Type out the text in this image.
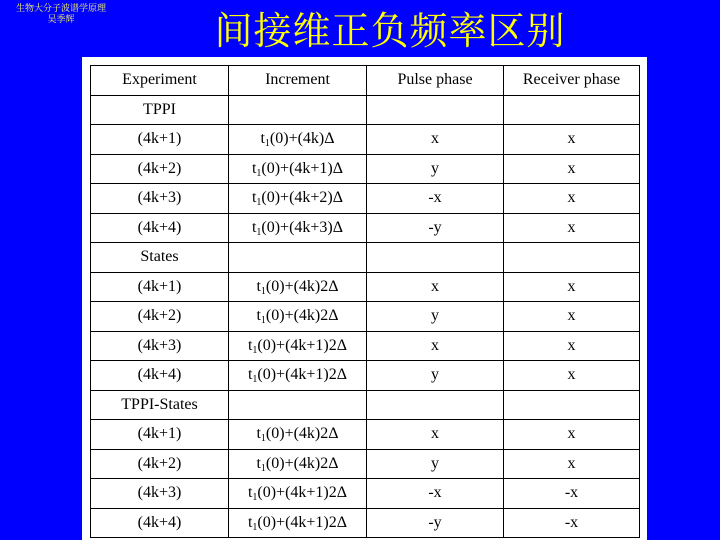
生物大分子波谱学原理
吴季辉	间接维正负频率区别
Experiment	Increment	Pulse phase	Receiver phase
TPPI			
(4k+1)	$t_1(0)+(4k)\Delta$	x	x
(4k+2)	$t_1(0)+(4k+1)\Delta$	y	x
(4k+3)	$t_1(0)+(4k+2)\Delta$	-x	x
(4k+4)	$t_1(0)+(4k+3)\Delta$	-y	x
States			
(4k+1)	$t_1(0)+(4k)2\Delta$	x	x
(4k+2)	$t_1(0)+(4k)2\Delta$	y	x
(4k+3)	$t_1(0)+(4k+1)2\Delta$	x	x
(4k+4)	$t_1(0)+(4k+1)2\Delta$	y	x
TPPI-States			
(4k+1)	$t_1(0)+(4k)2\Delta$	x	x
(4k+2)	$t_1(0)+(4k)2\Delta$	y	x
(4k+3)	$t_1(0)+(4k+1)2\Delta$	-x	-x
(4k+4)	$t_1(0)+(4k+1)2\Delta$	-y	-x
